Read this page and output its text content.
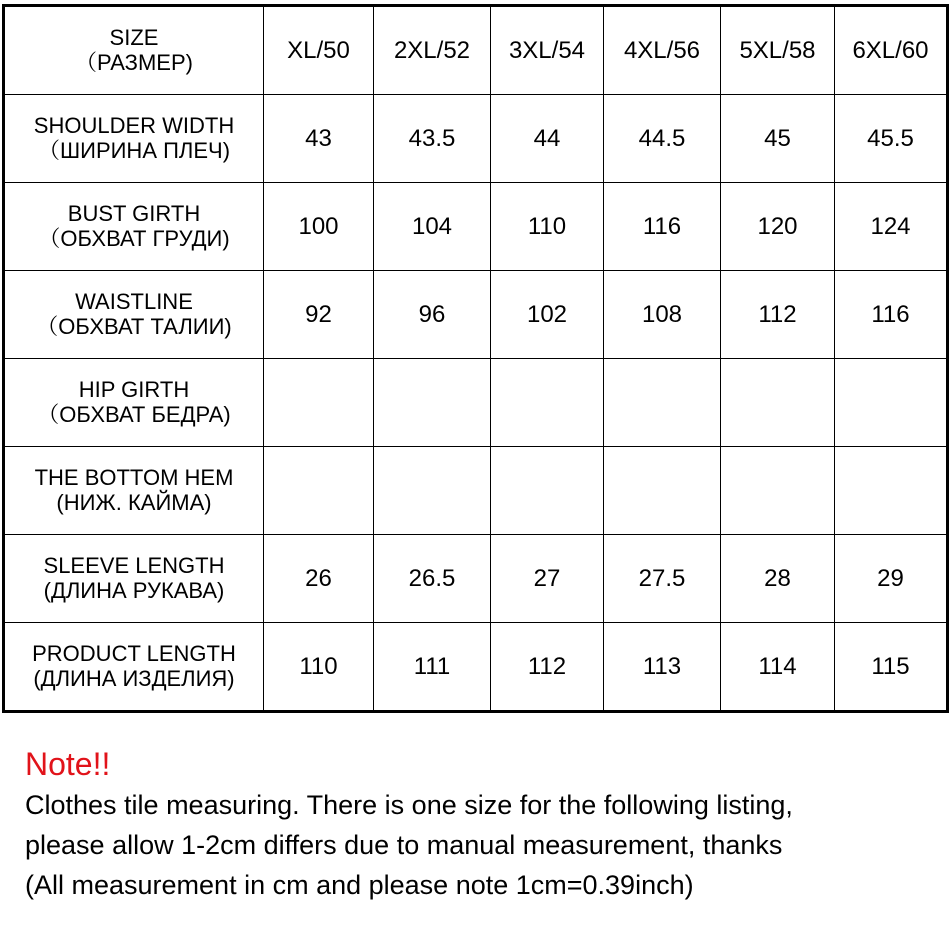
SIZE
（РАЗМЕР)	XL/50	2XL/52	3XL/54	4XL/56	5XL/58	6XL/60

SHOULDER WIDTH
（ШИРИНА ПЛЕЧ)	43	43.5	44	44.5	45	45.5

BUST GIRTH
（ОБХВАТ ГРУДИ)	100	104	110	116	120	124

WAISTLINE
（ОБХВАТ ТАЛИИ)	92	96	102	108	112	116

HIP GIRTH
（ОБХВАТ БЕДРА)						

THE BOTTOM HEM
(НИЖ. КАЙМА)						

SLEEVE LENGTH
(ДЛИНА РУКАВА)	26	26.5	27	27.5	28	29

PRODUCT LENGTH
(ДЛИНА ИЗДЕЛИЯ)	110	111	112	113	114	115
Note!!
Clothes tile measuring. There is one size for the following listing,
please allow 1-2cm differs due to manual measurement, thanks
(All measurement in cm and please note 1cm=0.39inch)
